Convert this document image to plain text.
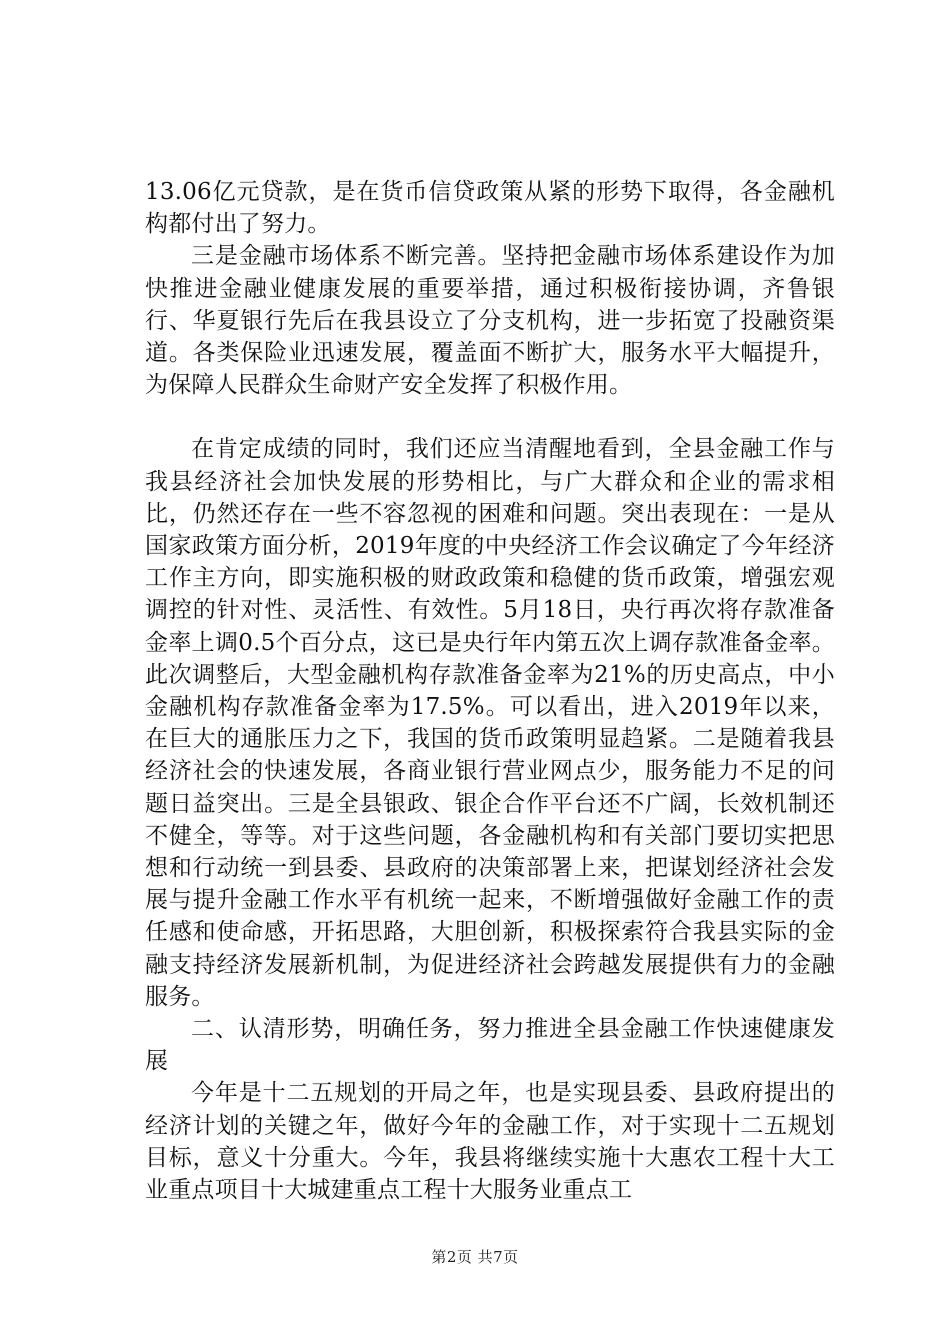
13.06亿元贷款，是在货币信贷政策从紧的形势下取得，各金融机构都付出了努力。

三是金融市场体系不断完善。坚持把金融市场体系建设作为加快推进金融业健康发展的重要举措，通过积极衔接协调，齐鲁银行、华夏银行先后在我县设立了分支机构，进一步拓宽了投融资渠道。各类保险业迅速发展，覆盖面不断扩大，服务水平大幅提升，为保障人民群众生命财产安全发挥了积极作用。

在肯定成绩的同时，我们还应当清醒地看到，全县金融工作与我县经济社会加快发展的形势相比，与广大群众和企业的需求相比，仍然还存在一些不容忽视的困难和问题。突出表现在：一是从国家政策方面分析，2019年度的中央经济工作会议确定了今年经济工作主方向，即实施积极的财政政策和稳健的货币政策，增强宏观调控的针对性、灵活性、有效性。5月18日，央行再次将存款准备金率上调0.5个百分点，这已是央行年内第五次上调存款准备金率。此次调整后，大型金融机构存款准备金率为21%的历史高点，中小金融机构存款准备金率为17.5%。可以看出，进入2019年以来，在巨大的通胀压力之下，我国的货币政策明显趋紧。二是随着我县经济社会的快速发展，各商业银行营业网点少，服务能力不足的问题日益突出。三是全县银政、银企合作平台还不广阔，长效机制还不健全，等等。对于这些问题，各金融机构和有关部门要切实把思想和行动统一到县委、县政府的决策部署上来，把谋划经济社会发展与提升金融工作水平有机统一起来，不断增强做好金融工作的责任感和使命感，开拓思路，大胆创新，积极探索符合我县实际的金融支持经济发展新机制，为促进经济社会跨越发展提供有力的金融服务。

二、认清形势，明确任务，努力推进全县金融工作快速健康发展

今年是十二五规划的开局之年，也是实现县委、县政府提出的经济计划的关键之年，做好今年的金融工作，对于实现十二五规划目标，意义十分重大。今年，我县将继续实施十大惠农工程十大工业重点项目十大城建重点工程十大服务业重点工

第2页 共7页
